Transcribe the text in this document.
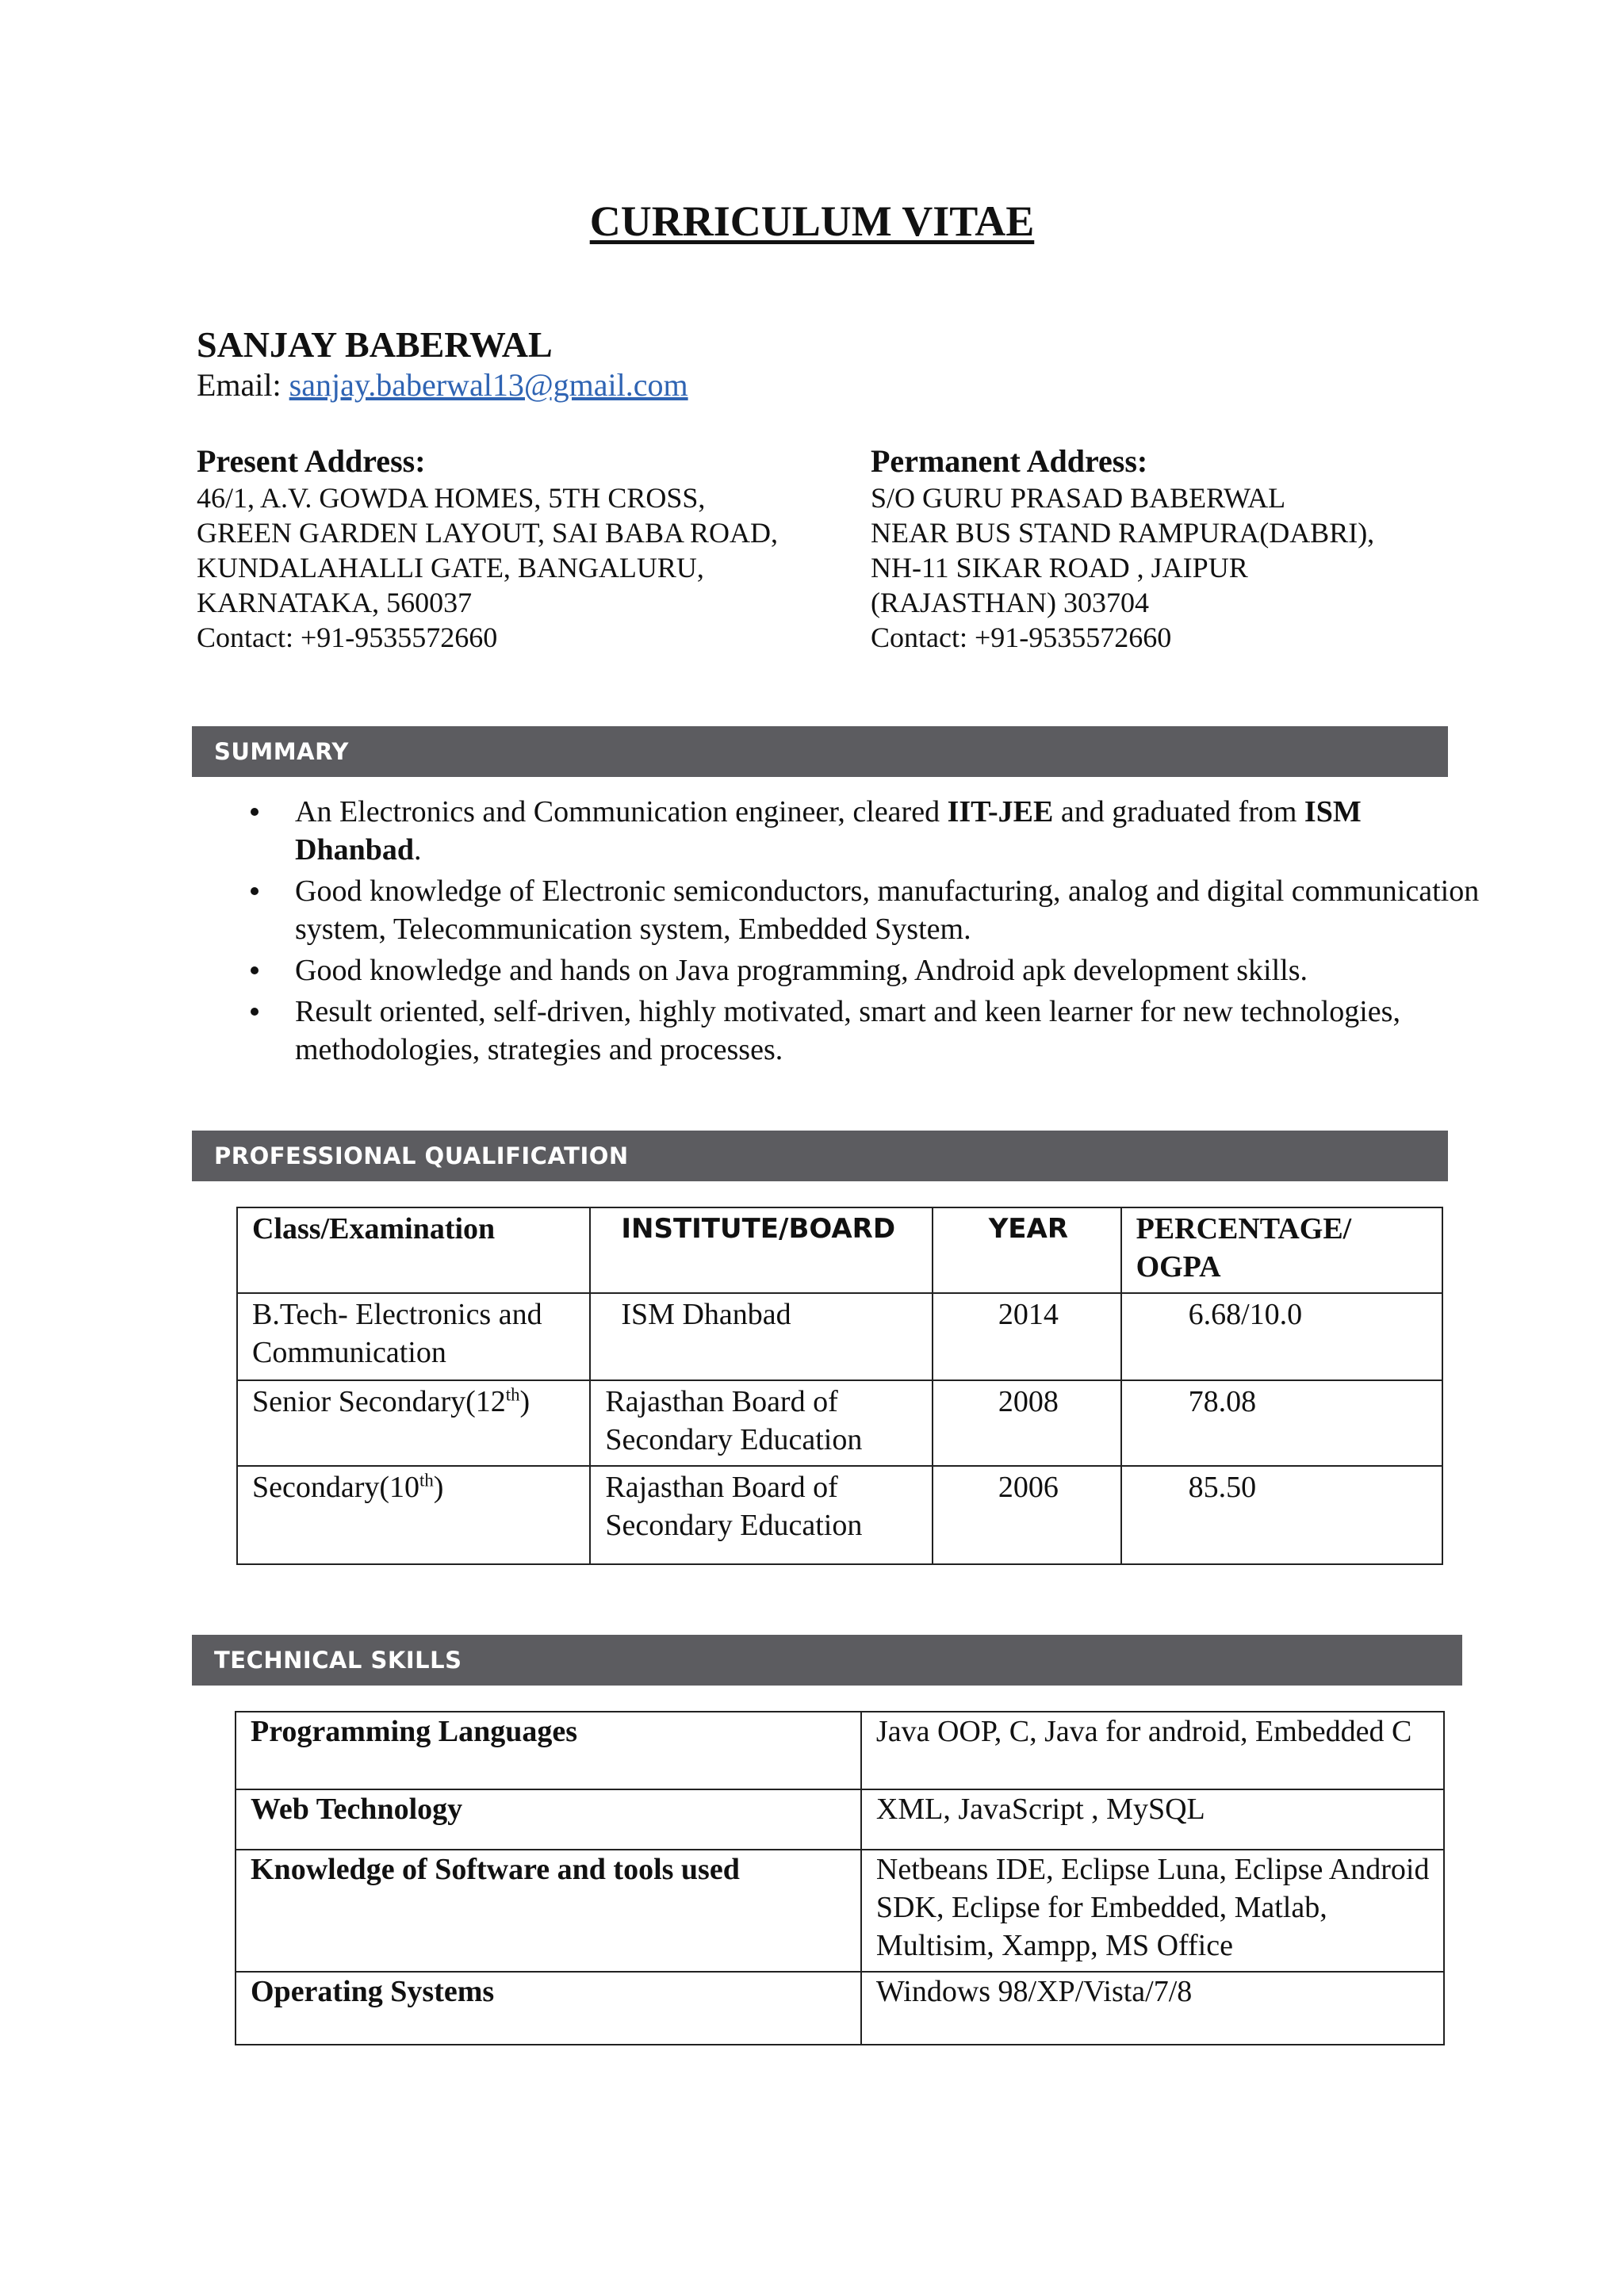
CURRICULUM VITAE
SANJAY BABERWAL
Email: sanjay.baberwal13@gmail.com
Present Address:
46/1, A.V. GOWDA HOMES, 5TH CROSS,
GREEN GARDEN LAYOUT, SAI BABA ROAD,
KUNDALAHALLI GATE, BANGALURU,
KARNATAKA, 560037
Contact: +91-9535572660
Permanent Address:
S/O GURU PRASAD BABERWAL
NEAR BUS STAND RAMPURA(DABRI),
NH-11 SIKAR ROAD , JAIPUR
(RAJASTHAN) 303704
Contact: +91-9535572660
SUMMARY
An Electronics and Communication engineer, cleared IIT-JEE and graduated from ISM Dhanbad.
Good knowledge of Electronic semiconductors, manufacturing, analog and digital communication system, Telecommunication system, Embedded System.
Good knowledge and hands on Java programming, Android apk development skills.
Result oriented, self-driven, highly motivated, smart and keen learner for new technologies, methodologies, strategies and processes.
PROFESSIONAL QUALIFICATION
Class/Examination	INSTITUTE/BOARD	YEAR	PERCENTAGE/ OGPA
B.Tech- Electronics and Communication	ISM Dhanbad	2014	6.68/10.0

Senior Secondary(12th)	Rajasthan Board of Secondary Education	2008	78.08

Secondary(10th)	Rajasthan Board of Secondary Education	2006	85.50
TECHNICAL SKILLS
Programming Languages	Java OOP, C, Java for android, Embedded C
Web Technology	XML, JavaScript , MySQL
Knowledge of Software and tools used	Netbeans IDE, Eclipse Luna, Eclipse Android SDK, Eclipse for Embedded, Matlab, Multisim, Xampp, MS Office
Operating Systems	Windows 98/XP/Vista/7/8
